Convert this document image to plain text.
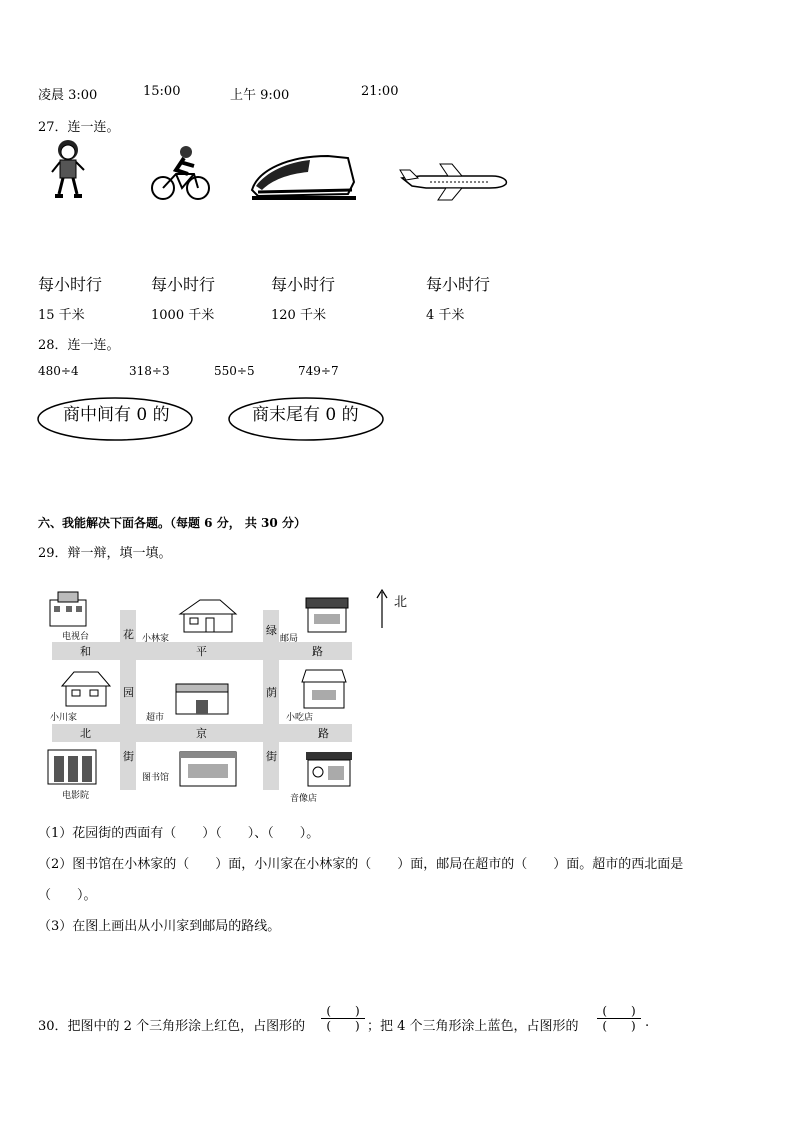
凌晨 3:00	15:00	上午 9:00	21:00
27．连一连。
每小时行	每小时行	每小时行	每小时行
15 千米	1000 千米	120 千米	4 千米
28．连一连。
480÷4	318÷3	550÷5	749÷7
商中间有 0 的	商末尾有 0 的
六、我能解决下面各题。（每题 6 分， 共 30 分）
29．辩一辩，填一填。
北
和	平	路
北	京	路
花
园
街
绿
荫
街
电视台	小林家	邮局
小川家	超市	小吃店
电影院
图书馆
音像店
（1）花园街的西面有（　　）（　　）、（　　）。
（2）图书馆在小林家的（　　）面，小川家在小林家的（　　）面，邮局在超市的（　　）面。超市的西北面是
（　　）。
（3）在图上画出从小川家到邮局的路线。
30．把图中的 2 个三角形涂上红色，占图形的
(　　)
(　　) ；把 4 个三角形涂上蓝色，占图形的
(　　)
(　　) .
